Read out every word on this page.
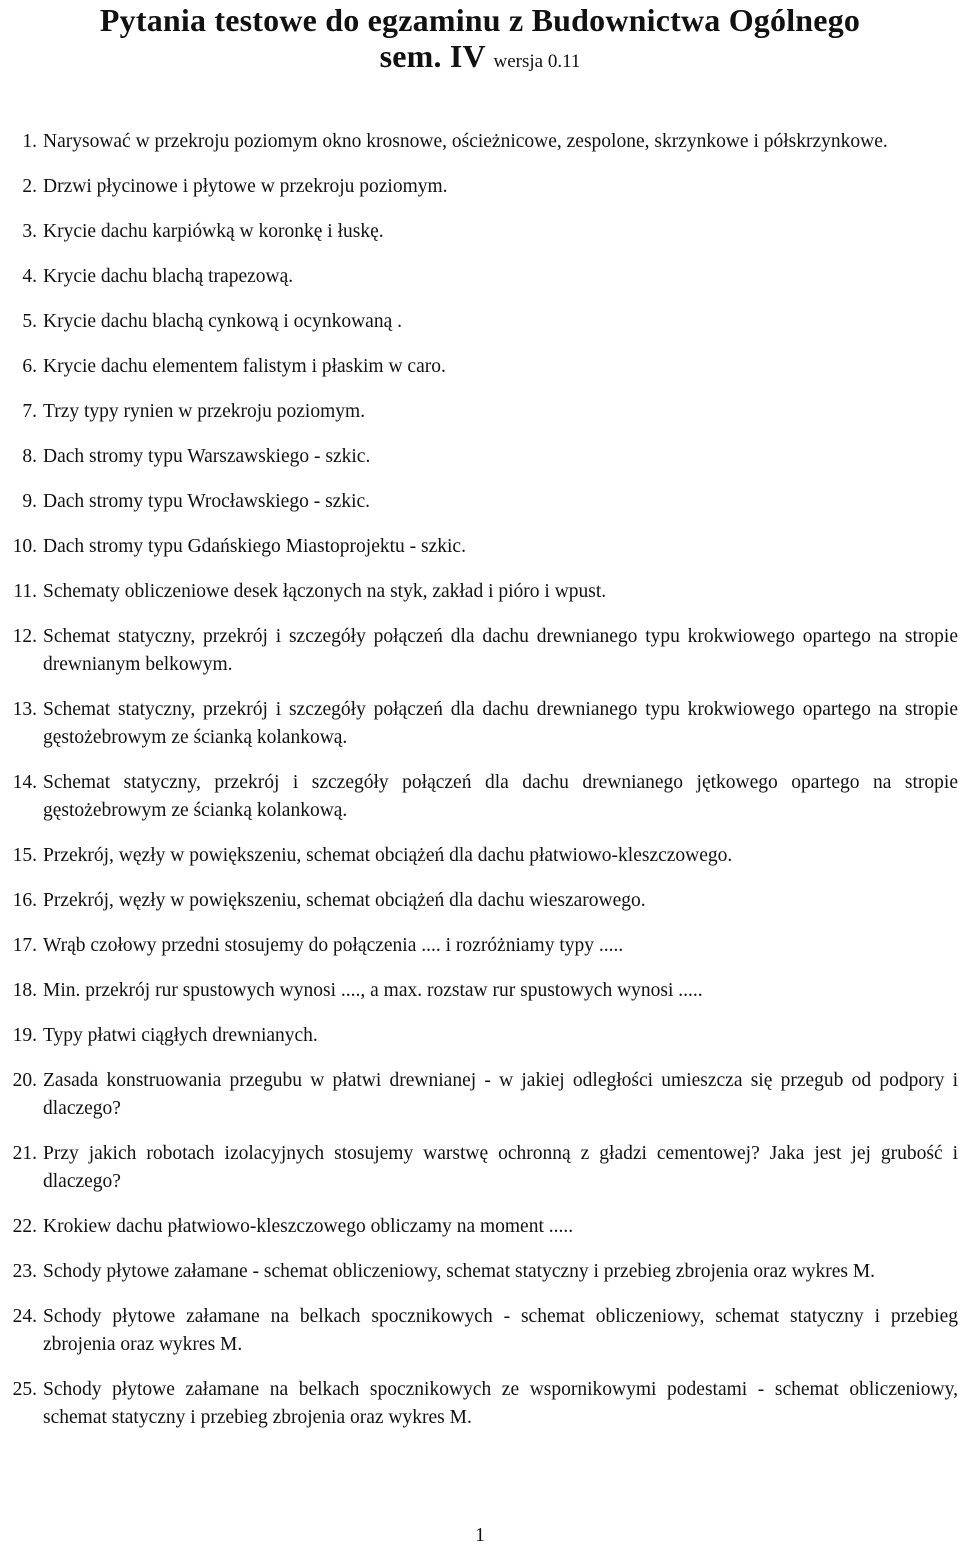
Pytania testowe do egzaminu z Budownictwa Ogólnego
sem. IV wersja 0.11
1. Narysować w przekroju poziomym okno krosnowe, ościeżnicowe, zespolone, skrzynkowe i półskrzynkowe.
2. Drzwi płycinowe i płytowe w przekroju poziomym.
3. Krycie dachu karpiówką w koronkę i łuskę.
4. Krycie dachu blachą trapezową.
5. Krycie dachu blachą cynkową i ocynkowaną .
6. Krycie dachu elementem falistym i płaskim w caro.
7. Trzy typy rynien w przekroju poziomym.
8. Dach stromy typu Warszawskiego - szkic.
9. Dach stromy typu Wrocławskiego - szkic.
10. Dach stromy typu Gdańskiego Miastoprojektu - szkic.
11. Schematy obliczeniowe desek łączonych na styk, zakład i pióro i wpust.
12. Schemat statyczny, przekrój i szczegóły połączeń dla dachu drewnianego typu krokwiowego opartego na stropie drewnianym belkowym.
13. Schemat statyczny, przekrój i szczegóły połączeń dla dachu drewnianego typu krokwiowego opartego na stropie gęstożebrowym ze ścianką kolankową.
14. Schemat statyczny, przekrój i szczegóły połączeń dla dachu drewnianego jętkowego opartego na stropie gęstożebrowym ze ścianką kolankową.
15. Przekrój, węzły w powiększeniu, schemat obciążeń dla dachu płatwiowo-kleszczowego.
16. Przekrój, węzły w powiększeniu, schemat obciążeń dla dachu wieszarowego.
17. Wrąb czołowy przedni stosujemy do połączenia .... i rozróżniamy typy .....
18. Min. przekrój rur spustowych wynosi ...., a max. rozstaw rur spustowych wynosi .....
19. Typy płatwi ciągłych drewnianych.
20. Zasada konstruowania przegubu w płatwi drewnianej - w jakiej odległości umieszcza się przegub od podpory i dlaczego?
21. Przy jakich robotach izolacyjnych stosujemy warstwę ochronną z gładzi cementowej? Jaka jest jej grubość i dlaczego?
22. Krokiew dachu płatwiowo-kleszczowego obliczamy na moment .....
23. Schody płytowe załamane - schemat obliczeniowy, schemat statyczny i przebieg zbrojenia oraz wykres M.
24. Schody płytowe załamane na belkach spocznikowych - schemat obliczeniowy, schemat statyczny i przebieg zbrojenia oraz wykres M.
25. Schody płytowe załamane na belkach spocznikowych ze wspornikowymi podestami - schemat obliczeniowy, schemat statyczny i przebieg zbrojenia oraz wykres M.
1
